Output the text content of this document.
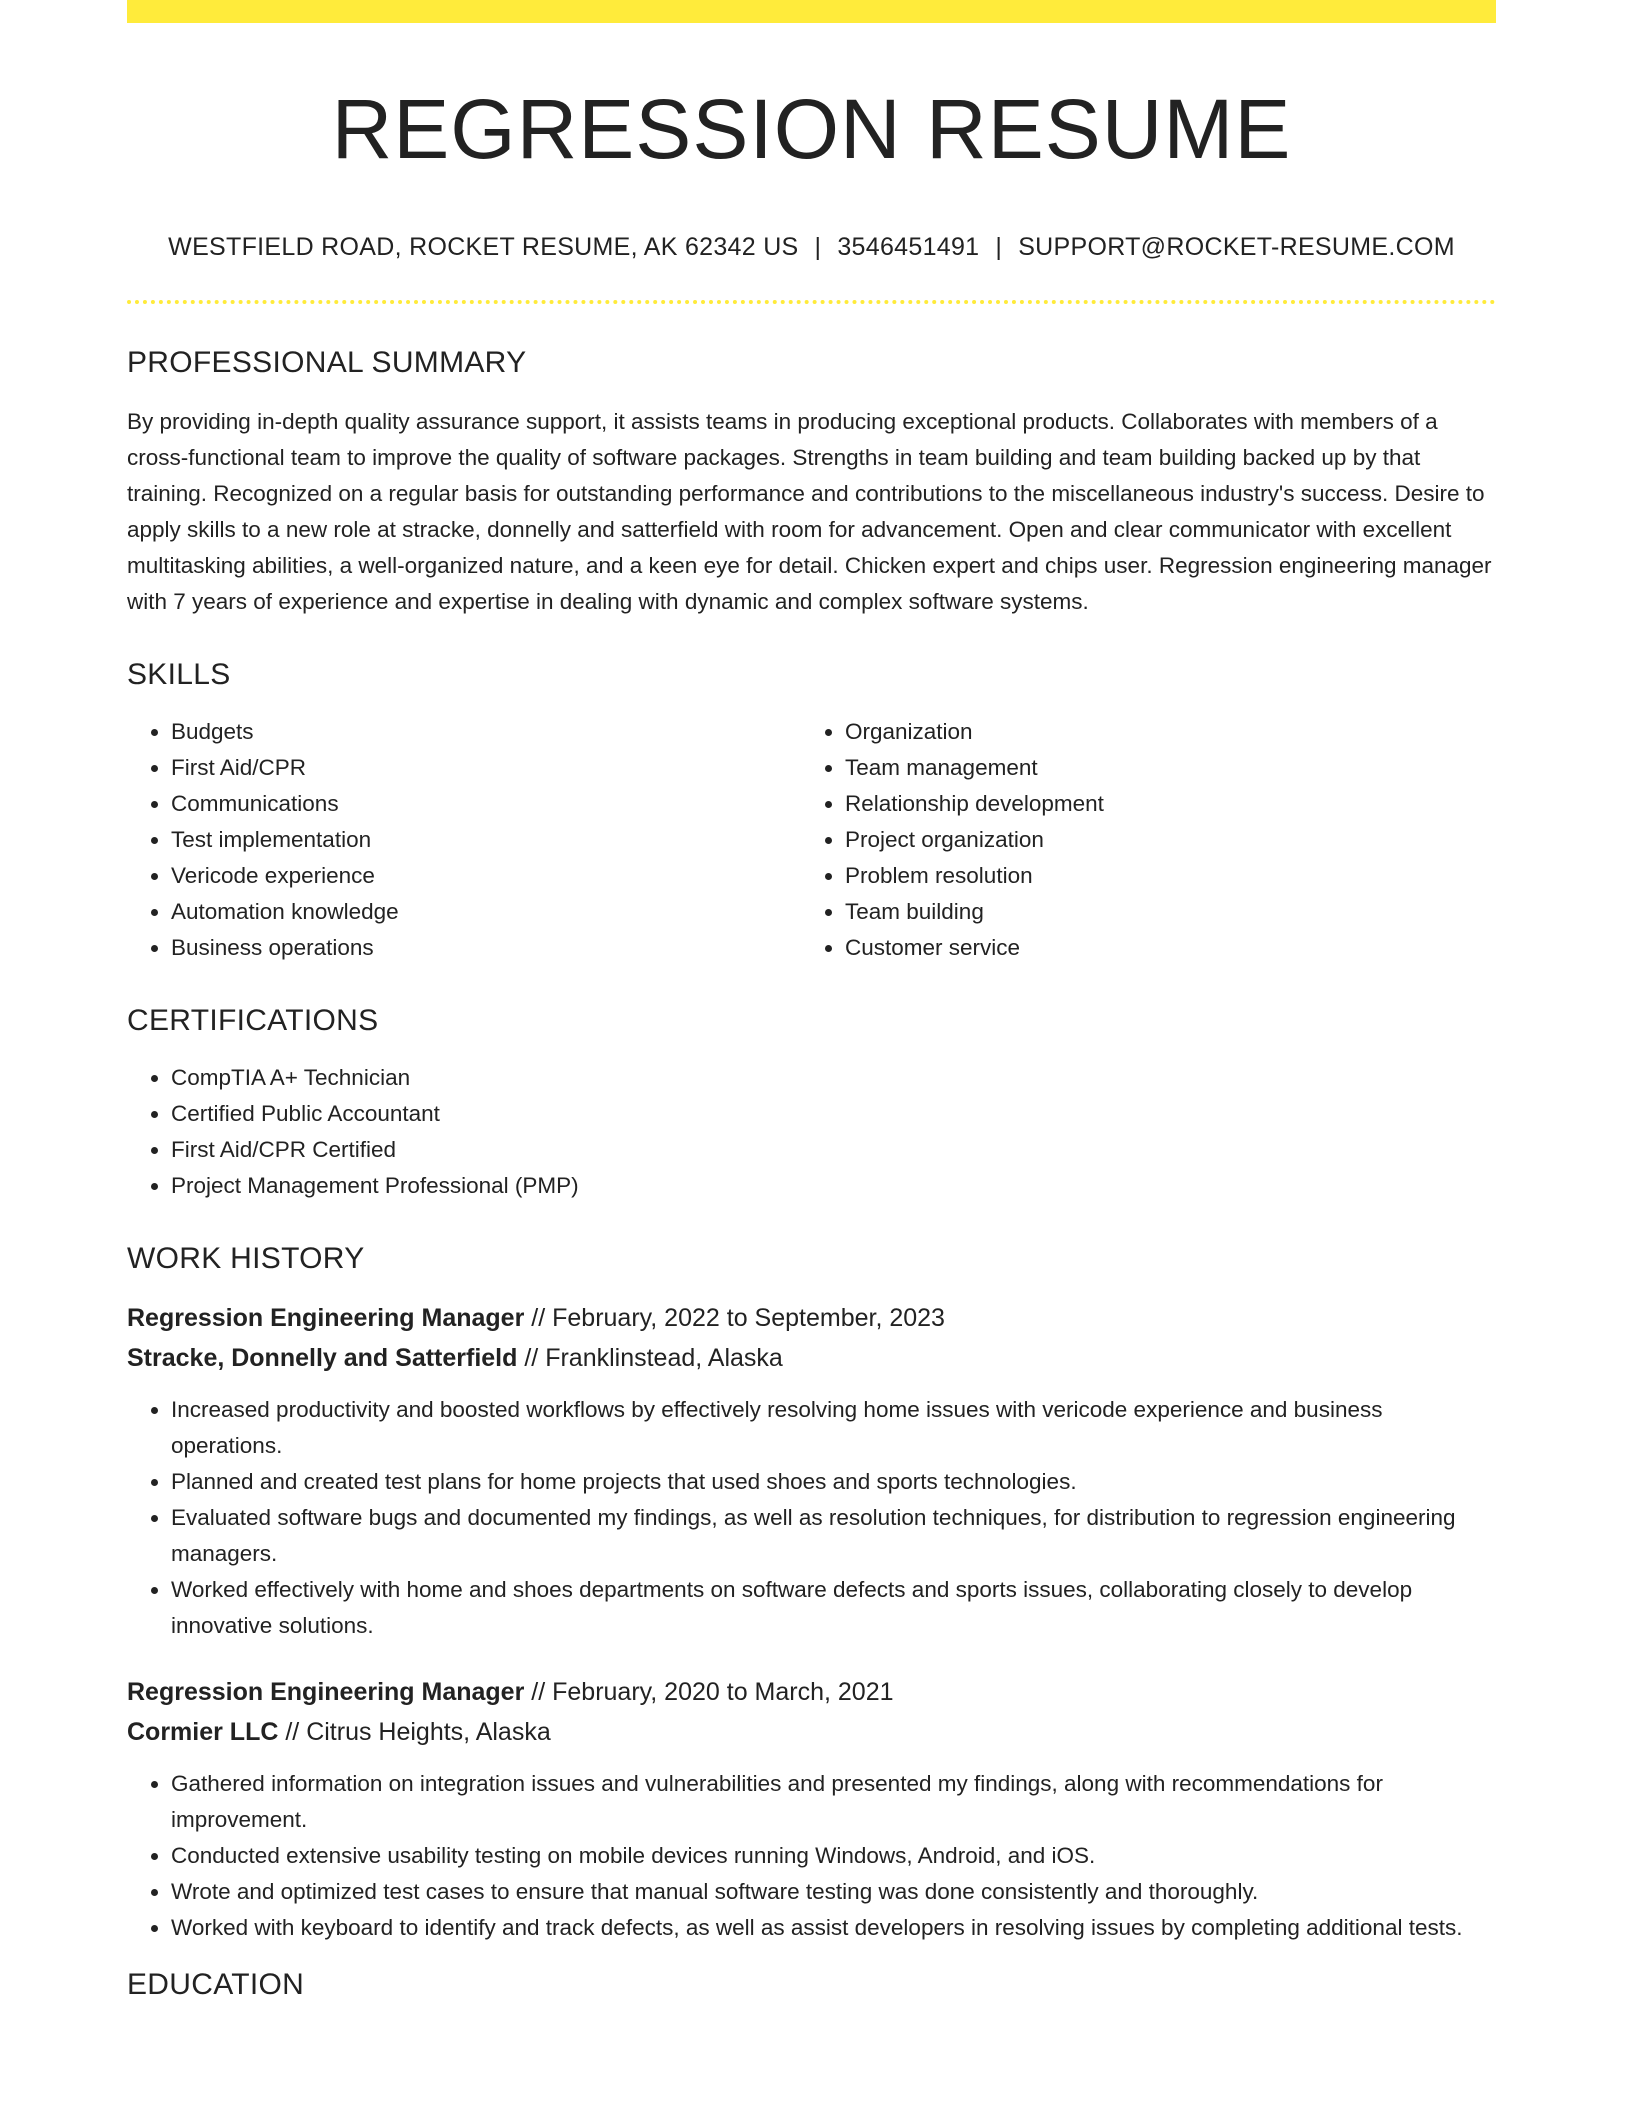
REGRESSION RESUME
WESTFIELD ROAD, ROCKET RESUME, AK 62342 US | 3546451491 | SUPPORT@ROCKET-RESUME.COM
PROFESSIONAL SUMMARY

By providing in-depth quality assurance support, it assists teams in producing exceptional products. Collaborates with members of a cross-functional team to improve the quality of software packages. Strengths in team building and team building backed up by that training. Recognized on a regular basis for outstanding performance and contributions to the miscellaneous industry's success. Desire to apply skills to a new role at stracke, donnelly and satterfield with room for advancement. Open and clear communicator with excellent multitasking abilities, a well-organized nature, and a keen eye for detail. Chicken expert and chips user. Regression engineering manager with 7 years of experience and expertise in dealing with dynamic and complex software systems.

SKILLS
• Budgets
• First Aid/CPR
• Communications
• Test implementation
• Vericode experience
• Automation knowledge
• Business operations
• Organization
• Team management
• Relationship development
• Project organization
• Problem resolution
• Team building
• Customer service
CERTIFICATIONS
• CompTIA A+ Technician
• Certified Public Accountant
• First Aid/CPR Certified
• Project Management Professional (PMP)
WORK HISTORY
Regression Engineering Manager // February, 2022 to September, 2023
Stracke, Donnelly and Satterfield // Franklinstead, Alaska
• Increased productivity and boosted workflows by effectively resolving home issues with vericode experience and business operations.
• Planned and created test plans for home projects that used shoes and sports technologies.
• Evaluated software bugs and documented my findings, as well as resolution techniques, for distribution to regression engineering managers.
• Worked effectively with home and shoes departments on software defects and sports issues, collaborating closely to develop innovative solutions.
Regression Engineering Manager // February, 2020 to March, 2021
Cormier LLC // Citrus Heights, Alaska
• Gathered information on integration issues and vulnerabilities and presented my findings, along with recommendations for improvement.
• Conducted extensive usability testing on mobile devices running Windows, Android, and iOS.
• Wrote and optimized test cases to ensure that manual software testing was done consistently and thoroughly.
• Worked with keyboard to identify and track defects, as well as assist developers in resolving issues by completing additional tests.
EDUCATION
